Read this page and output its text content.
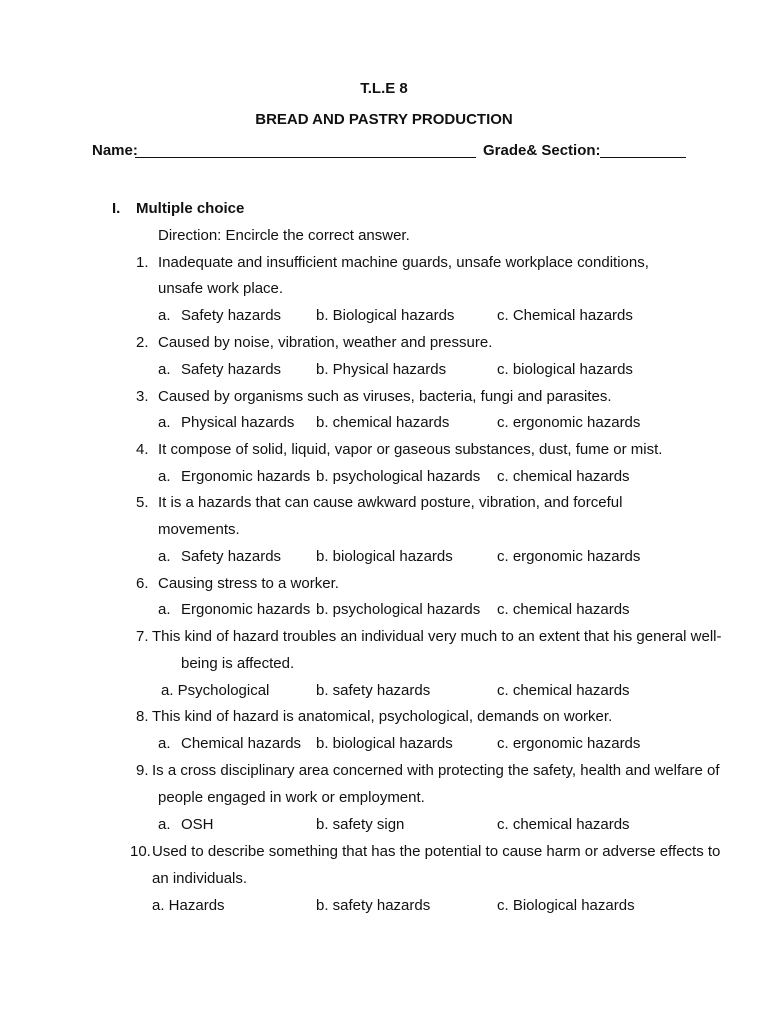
T.L.E 8
BREAD AND PASTRY PRODUCTION
Name:	Grade& Section:
I. Multiple choice
Direction: Encircle the correct answer.
1. Inadequate and insufficient machine guards, unsafe workplace conditions,
unsafe work place.
a. Safety hazards b. Biological hazards	c. Chemical hazards
2. Caused by noise, vibration, weather and pressure.
a. Safety hazards b. Physical hazards	c. biological hazards
3. Caused by organisms such as viruses, bacteria, fungi and parasites.
a. Physical hazards b. chemical hazards	c. ergonomic hazards
4. It compose of solid, liquid, vapor or gaseous substances, dust, fume or mist.
a. Ergonomic hazards b. psychological hazards c. chemical hazards
5. It is a hazards that can cause awkward posture, vibration, and forceful
movements.
a. Safety hazards b. biological hazards	c. ergonomic hazards
6. Causing stress to a worker.
a. Ergonomic hazards b. psychological hazards c. chemical hazards
7. This kind of hazard troubles an individual very much to an extent that his general well-
being is affected.
a. Psychological	b. safety hazards	c. chemical hazards
8. This kind of hazard is anatomical, psychological, demands on worker.
a. Chemical hazards b. biological hazards	c. ergonomic hazards
9. Is a cross disciplinary area concerned with protecting the safety, health and welfare of
people engaged in work or employment.
a. OSH	b. safety sign	c. chemical hazards
10. Used to describe something that has the potential to cause harm or adverse effects to
an individuals.
a. Hazards	b. safety hazards	c. Biological hazards
